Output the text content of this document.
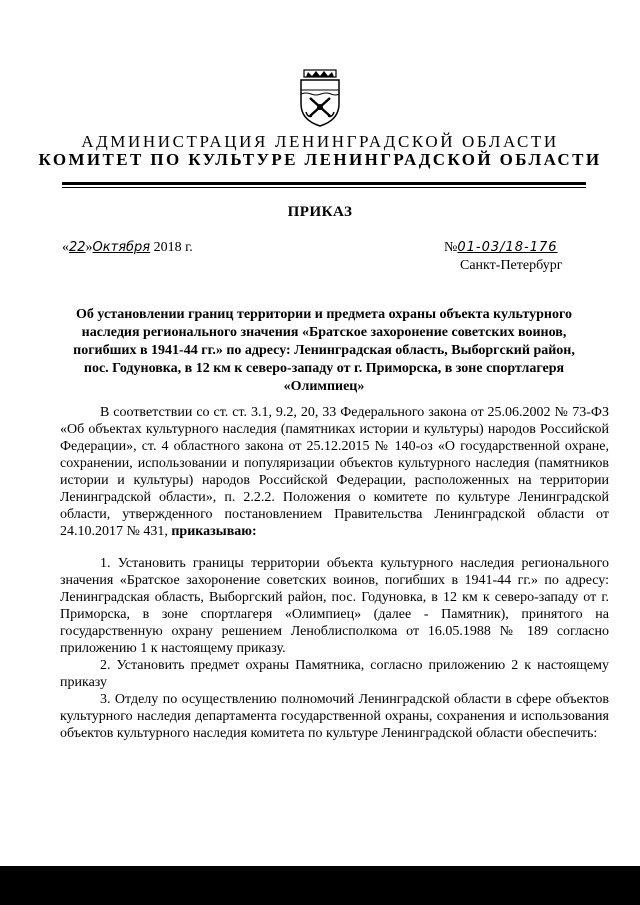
АДМИНИСТРАЦИЯ ЛЕНИНГРАДСКОЙ ОБЛАСТИ
КОМИТЕТ ПО КУЛЬТУРЕ ЛЕНИНГРАДСКОЙ ОБЛАСТИ
ПРИКАЗ
«22»Октября 2018 г.	№01-03/18-176
Санкт-Петербург
Об установлении границ территории и предмета охраны объекта культурного наследия регионального значения «Братское захоронение советских воинов, погибших в 1941-44 гг.» по адресу: Ленинградская область, Выборгский район, пос. Годуновка, в 12 км к северо-западу от г. Приморска, в зоне спортлагеря «Олимпиец»

В соответствии со ст. ст. 3.1, 9.2, 20, 33 Федерального закона от 25.06.2002 № 73-ФЗ «Об объектах культурного наследия (памятниках истории и культуры) народов Российской Федерации», ст. 4 областного закона от 25.12.2015 № 140-оз «О государственной охране, сохранении, использовании и популяризации объектов культурного наследия (памятников истории и культуры) народов Российской Федерации, расположенных на территории Ленинградской области», п. 2.2.2. Положения о комитете по культуре Ленинградской области, утвержденного постановлением Правительства Ленинградской области от 24.10.2017 № 431, приказываю:

1. Установить границы территории объекта культурного наследия регионального значения «Братское захоронение советских воинов, погибших в 1941-44 гг.» по адресу: Ленинградская область, Выборгский район, пос. Годуновка, в 12 км к северо-западу от г. Приморска, в зоне спортлагеря «Олимпиец» (далее - Памятник), принятого на государственную охрану решением Леноблисполкома от 16.05.1988 № 189 согласно приложению 1 к настоящему приказу.

2. Установить предмет охраны Памятника, согласно приложению 2 к настоящему приказу

3. Отделу по осуществлению полномочий Ленинградской области в сфере объектов культурного наследия департамента государственной охраны, сохранения и использования объектов культурного наследия комитета по культуре Ленинградской области обеспечить:
